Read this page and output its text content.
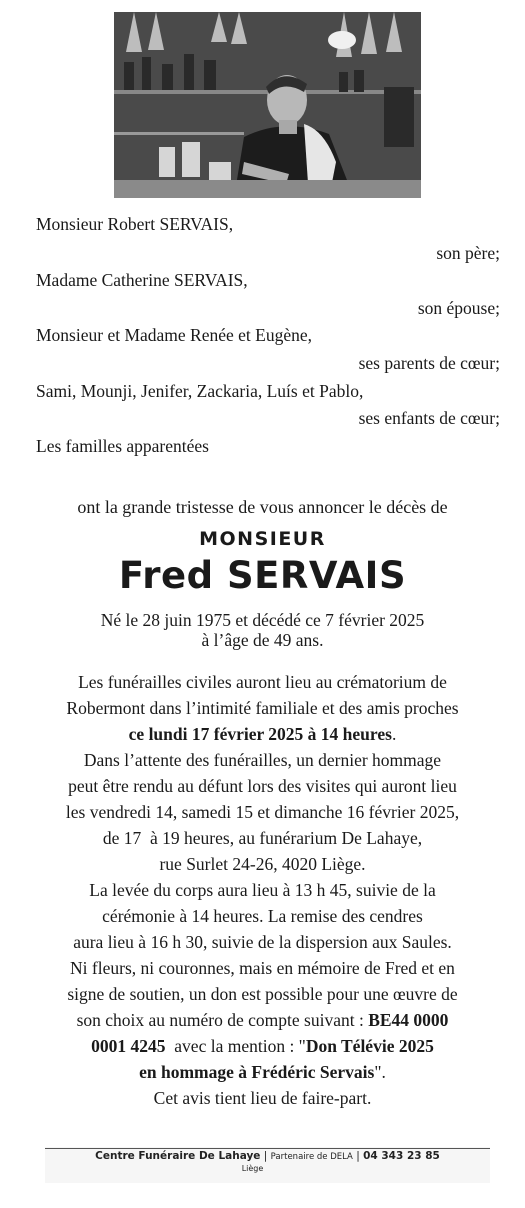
Monsieur Robert SERVAIS,
son père;
Madame Catherine SERVAIS,
son épouse;
Monsieur et Madame Renée et Eugène,
ses parents de cœur;
Sami, Mounji, Jenifer, Zackaria, Luís et Pablo,
ses enfants de cœur;
Les familles apparentées
ont la grande tristesse de vous annoncer le décès de
MONSIEUR
Fred SERVAIS
Né le 28 juin 1975 et décédé ce 7 février 2025
à l’âge de 49 ans.

Les funérailles civiles auront lieu au crématorium de

Robermont dans l’intimité familiale et des amis proches

ce lundi 17 février 2025 à 14 heures.

Dans l’attente des funérailles, un dernier hommage

peut être rendu au défunt lors des visites qui auront lieu

les vendredi 14, samedi 15 et dimanche 16 février 2025,

de 17  à 19 heures, au funérarium De Lahaye,

rue Surlet 24-26, 4020 Liège.

La levée du corps aura lieu à 13 h 45, suivie de la

cérémonie à 14 heures. La remise des cendres

aura lieu à 16 h 30, suivie de la dispersion aux Saules.

Ni fleurs, ni couronnes, mais en mémoire de Fred et en

signe de soutien, un don est possible pour une œuvre de

son choix au numéro de compte suivant : BE44 0000

0001 4245  avec la mention : "Don Télévie 2025

en hommage à Frédéric Servais".

Cet avis tient lieu de faire-part.

Centre Funéraire De Lahaye | Partenaire de DELA | 04 343 23 85
Liège
